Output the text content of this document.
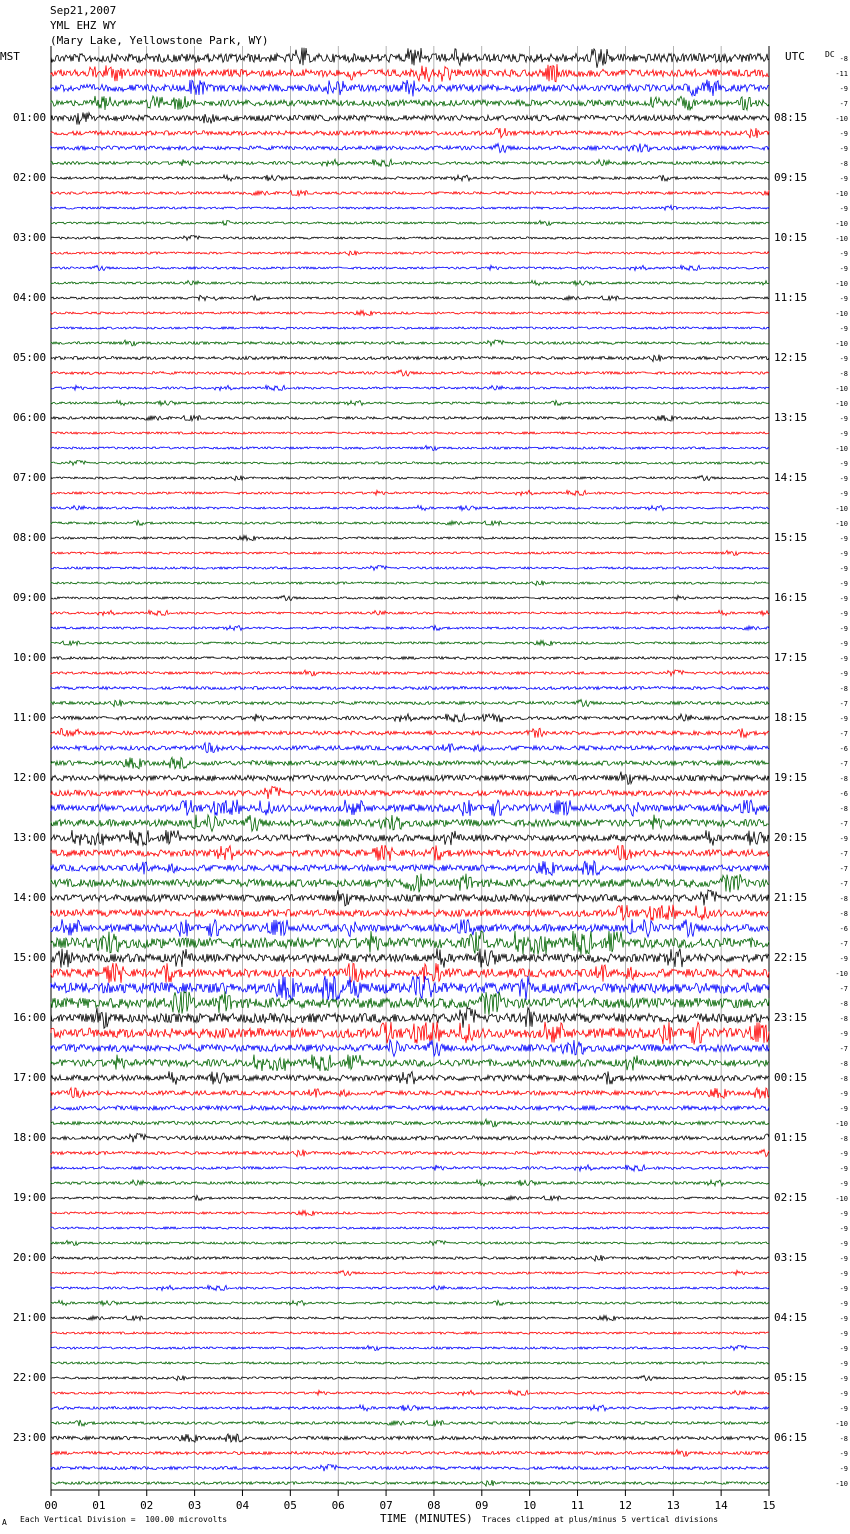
-8
-11
-9
-7
-10
-9
-9
-8
-9
-10
-9
-10
-10
-9
-9
-10
-9
-10
-9
-10
-9
-8
-10
-10
-9
-9
-10
-9
-9
-9
-10
-10
-9
-9
-9
-9
-9
-9
-9
-9
-9
-9
-8
-7
-9
-7
-6
-7
-8
-6
-8
-7
-9
-7
-7
-7
-8
-8
-6
-7
-9
-10
-7
-8
-8
-9
-7
-8
-8
-9
-9
-10
-8
-9
-9
-9
-10
-9
-9
-9
-9
-9
-9
-9
-9
-9
-9
-9
-9
-9
-9
-10
-8
-9
-9
-10
00	01	02	03	04	05	06	07	08	09	10	11	12	13	14	15
Sep21,2007
YML EHZ WY
(Mary Lake, Yellowstone Park, WY)
MST	UTC	DC
TIME (MINUTES)
A Each Vertical Division =  100.00 microvolts	Traces clipped at plus/minus 5 vertical divisions
01:00	08:15
02:00	09:15
03:00	10:15
04:00	11:15
05:00	12:15
06:00	13:15
07:00	14:15
08:00	15:15
09:00	16:15
10:00	17:15
11:00	18:15
12:00	19:15
13:00	20:15
14:00	21:15
15:00	22:15
16:00	23:15
17:00	00:15
18:00	01:15
19:00	02:15
20:00	03:15
21:00	04:15
22:00	05:15
23:00	06:15
